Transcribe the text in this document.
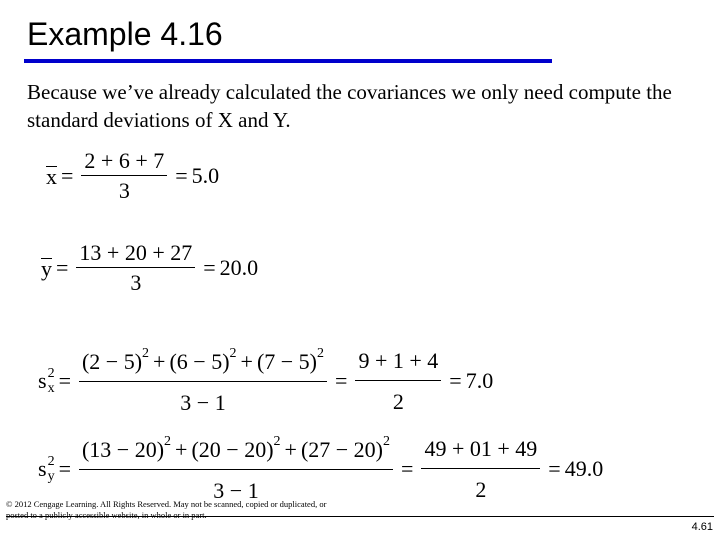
Example 4.16
Because we’ve already calculated the covariances we only need compute the standard deviations of X and Y.
$x = \frac{2 + 6 + 7}{3} = 5.0$
$y = \frac{13 + 20 + 27}{3} = 20.0$
s 2
$x = \frac{(2 - 5)^2 + (6 - 5)^2 + (7 - 5)^2}{3 - 1} = \frac{9 + 1 + 4}{2} = 7.0$
s 2
$y = \frac{(13 - 20)^2 + (20 - 20)^2 + (27 - 20)^2}{3 - 1} = \frac{49 + 01 + 49}{2} = 49.0$
© 2012 Cengage Learning. All Rights Reserved. May not be scanned, copied or duplicated, or posted to a publicly accessible website, in whole or in part.
4.61
